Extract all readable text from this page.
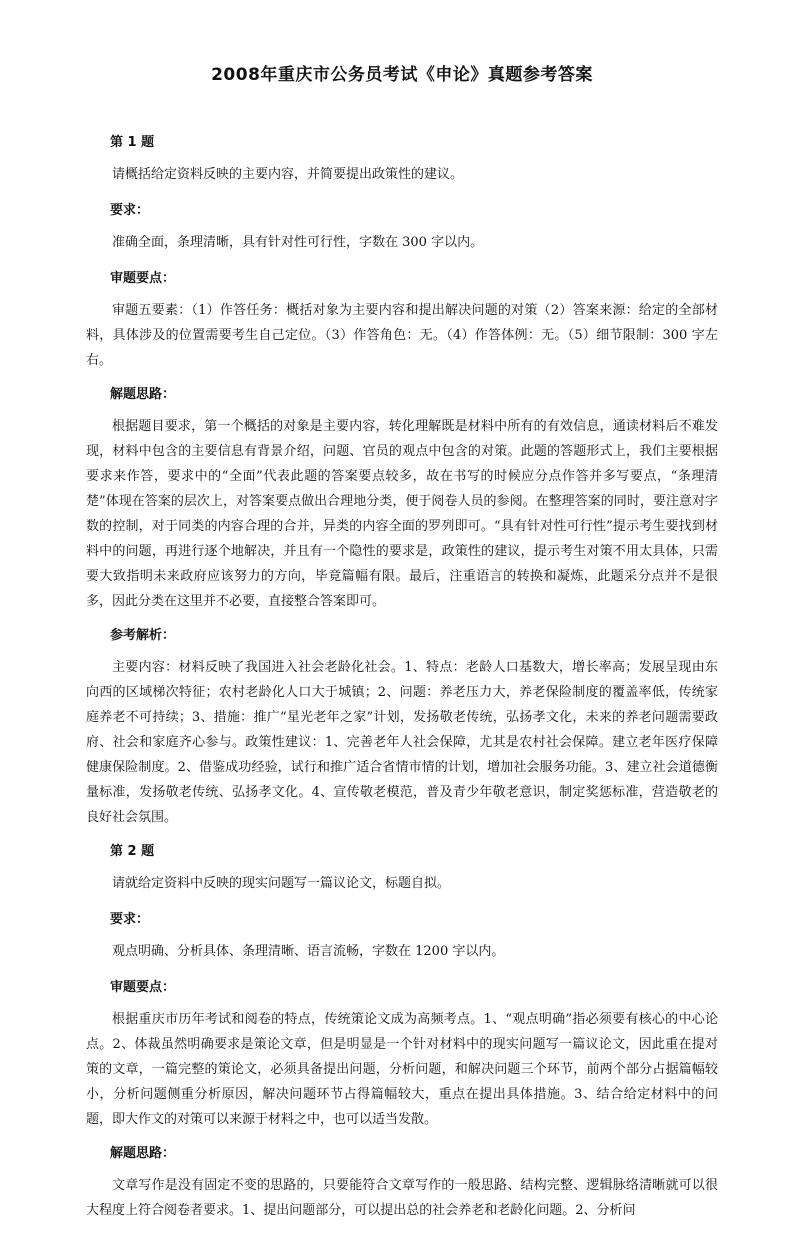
2008年重庆市公务员考试《申论》真题参考答案
第 1 题
请概括给定资料反映的主要内容，并简要提出政策性的建议。
要求：
准确全面，条理清晰，具有针对性可行性，字数在 300 字以内。
审题要点：
审题五要素：（1）作答任务：概括对象为主要内容和提出解决问题的对策（2）答案来源：给定的全部材料，具体涉及的位置需要考生自己定位。（3）作答角色：无。（4）作答体例：无。（5）细节限制：300 字左右。
解题思路：
根据题目要求，第一个概括的对象是主要内容，转化理解既是材料中所有的有效信息，通读材料后不难发现，材料中包含的主要信息有背景介绍，问题、官员的观点中包含的对策。此题的答题形式上，我们主要根据要求来作答，要求中的“全面”代表此题的答案要点较多，故在书写的时候应分点作答并多写要点，“条理清楚”体现在答案的层次上，对答案要点做出合理地分类，便于阅卷人员的参阅。在整理答案的同时，要注意对字数的控制，对于同类的内容合理的合并，异类的内容全面的罗列即可。“具有针对性可行性”提示考生要找到材料中的问题，再进行逐个地解决，并且有一个隐性的要求是，政策性的建议，提示考生对策不用太具体，只需要大致指明未来政府应该努力的方向，毕竟篇幅有限。最后，注重语言的转换和凝炼，此题采分点并不是很多，因此分类在这里并不必要，直接整合答案即可。
参考解析：
主要内容：材料反映了我国进入社会老龄化社会。1、特点：老龄人口基数大，增长率高；发展呈现由东向西的区域梯次特征；农村老龄化人口大于城镇；2、问题：养老压力大，养老保险制度的覆盖率低，传统家庭养老不可持续；3、措施：推广“星光老年之家”计划，发扬敬老传统，弘扬孝文化，未来的养老问题需要政府、社会和家庭齐心参与。政策性建议：1、完善老年人社会保障，尤其是农村社会保障。建立老年医疗保障健康保险制度。2、借鉴成功经验，试行和推广适合省情市情的计划，增加社会服务功能。3、建立社会道德衡量标准，发扬敬老传统、弘扬孝文化。4、宣传敬老模范，普及青少年敬老意识，制定奖惩标准，营造敬老的良好社会氛围。
第 2 题
请就给定资料中反映的现实问题写一篇议论文，标题自拟。
要求：
观点明确、分析具体、条理清晰、语言流畅，字数在 1200 字以内。
审题要点：
根据重庆市历年考试和阅卷的特点，传统策论文成为高频考点。1、“观点明确”指必须要有核心的中心论点。2、体裁虽然明确要求是策论文章，但是明显是一个针对材料中的现实问题写一篇议论文，因此重在提对策的文章，一篇完整的策论文，必须具备提出问题，分析问题，和解决问题三个环节，前两个部分占据篇幅较小，分析问题侧重分析原因，解决问题环节占得篇幅较大，重点在提出具体措施。3、结合给定材料中的问题，即大作文的对策可以来源于材料之中，也可以适当发散。
解题思路：
文章写作是没有固定不变的思路的，只要能符合文章写作的一般思路、结构完整、逻辑脉络清晰就可以很大程度上符合阅卷者要求。1、提出问题部分，可以提出总的社会养老和老龄化问题。2、分析问
